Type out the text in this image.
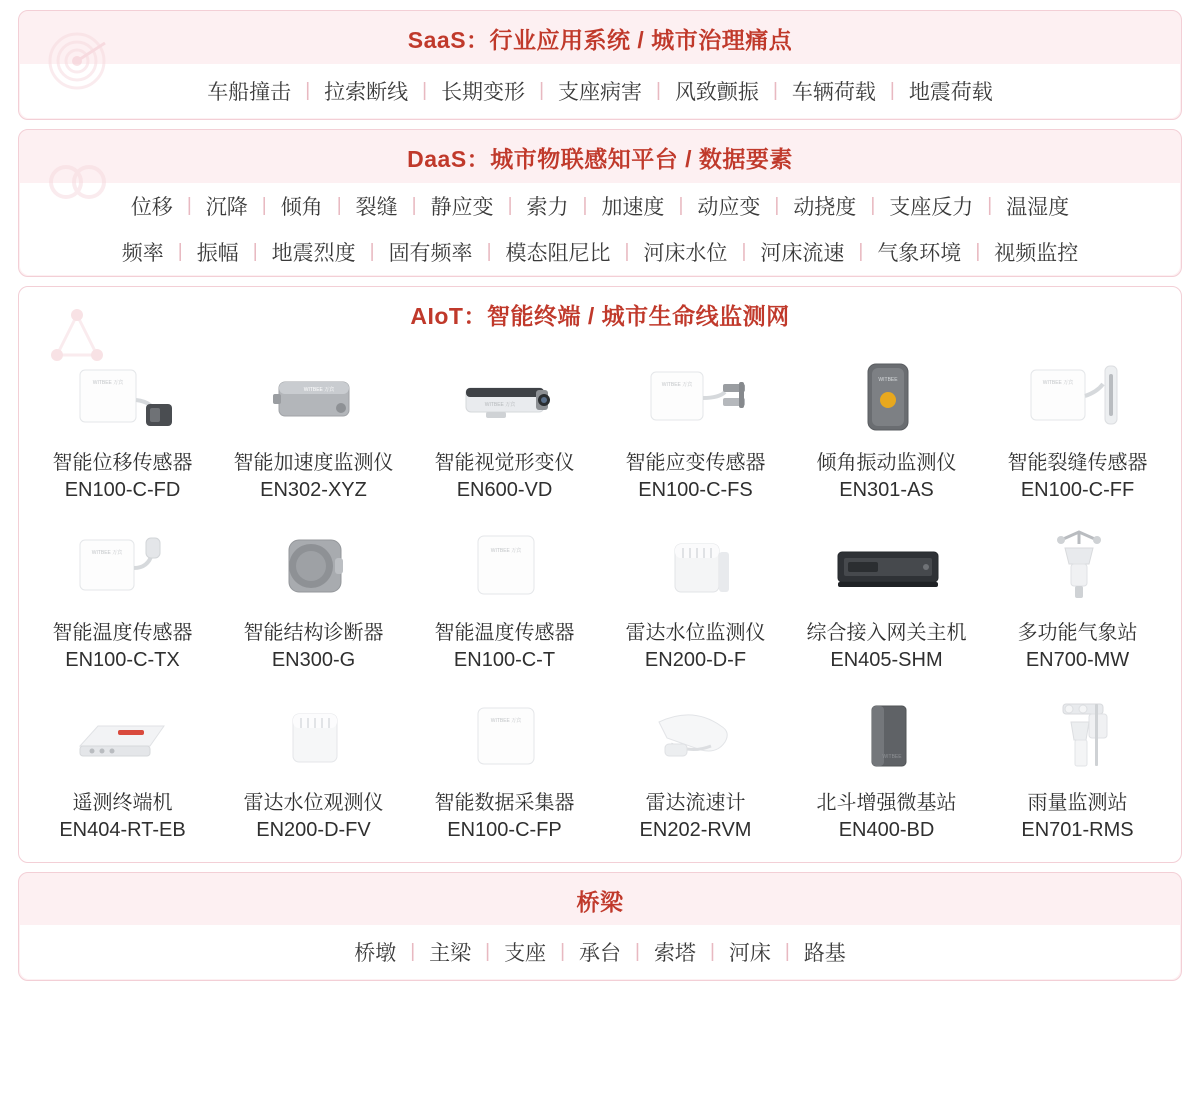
SaaS：行业应用系统 / 城市治理痛点
车船撞击 | 拉索断线 | 长期变形 | 支座病害 | 风致颤振 | 车辆荷载 | 地震荷载
DaaS：城市物联感知平台 / 数据要素
位移 | 沉降 | 倾角 | 裂缝 | 静应变 | 索力 | 加速度 | 动应变 | 动挠度 | 支座反力 | 温湿度
频率 | 振幅 | 地震烈度 | 固有频率 | 模态阻尼比 | 河床水位 | 河床流速 | 气象环境 | 视频监控
AIoT：智能终端 / 城市生命线监测网
WITBEE 万宾
智能位移传感器
EN100-C-FD
WITBEE 万宾
智能加速度监测仪
EN302-XYZ
WITBEE 万宾
智能视觉形变仪
EN600-VD
WITBEE 万宾
智能应变传感器
EN100-C-FS
WITBEE
倾角振动监测仪
EN301-AS
WITBEE 万宾
智能裂缝传感器
EN100-C-FF
WITBEE 万宾
智能温度传感器
EN100-C-TX
智能结构诊断器
EN300-G
WITBEE 万宾
智能温度传感器
EN100-C-T
雷达水位监测仪
EN200-D-F
综合接入网关主机
EN405-SHM
多功能气象站
EN700-MW
遥测终端机
EN404-RT-EB
雷达水位观测仪
EN200-D-FV
WITBEE 万宾
智能数据采集器
EN100-C-FP
雷达流速计
EN202-RVM
WITBEE
北斗增强微基站
EN400-BD
雨量监测站
EN701-RMS
桥梁
桥墩 | 主梁 | 支座 | 承台 | 索塔 | 河床 | 路基
